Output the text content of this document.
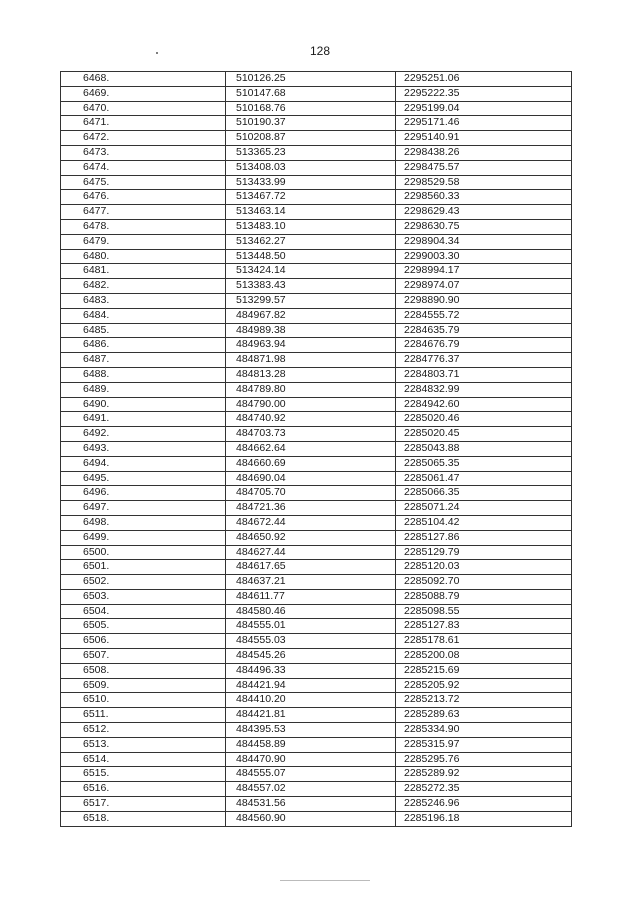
128
6468.	510126.25	2295251.06
6469.	510147.68	2295222.35
6470.	510168.76	2295199.04
6471.	510190.37	2295171.46
6472.	510208.87	2295140.91
6473.	513365.23	2298438.26
6474.	513408.03	2298475.57
6475.	513433.99	2298529.58
6476.	513467.72	2298560.33
6477.	513463.14	2298629.43
6478.	513483.10	2298630.75
6479.	513462.27	2298904.34
6480.	513448.50	2299003.30
6481.	513424.14	2298994.17
6482.	513383.43	2298974.07
6483.	513299.57	2298890.90
6484.	484967.82	2284555.72
6485.	484989.38	2284635.79
6486.	484963.94	2284676.79
6487.	484871.98	2284776.37
6488.	484813.28	2284803.71
6489.	484789.80	2284832.99
6490.	484790.00	2284942.60
6491.	484740.92	2285020.46
6492.	484703.73	2285020.45
6493.	484662.64	2285043.88
6494.	484660.69	2285065.35
6495.	484690.04	2285061.47
6496.	484705.70	2285066.35
6497.	484721.36	2285071.24
6498.	484672.44	2285104.42
6499.	484650.92	2285127.86
6500.	484627.44	2285129.79
6501.	484617.65	2285120.03
6502.	484637.21	2285092.70
6503.	484611.77	2285088.79
6504.	484580.46	2285098.55
6505.	484555.01	2285127.83
6506.	484555.03	2285178.61
6507.	484545.26	2285200.08
6508.	484496.33	2285215.69
6509.	484421.94	2285205.92
6510.	484410.20	2285213.72
6511.	484421.81	2285289.63
6512.	484395.53	2285334.90
6513.	484458.89	2285315.97
6514.	484470.90	2285295.76
6515.	484555.07	2285289.92
6516.	484557.02	2285272.35
6517.	484531.56	2285246.96
6518.	484560.90	2285196.18
